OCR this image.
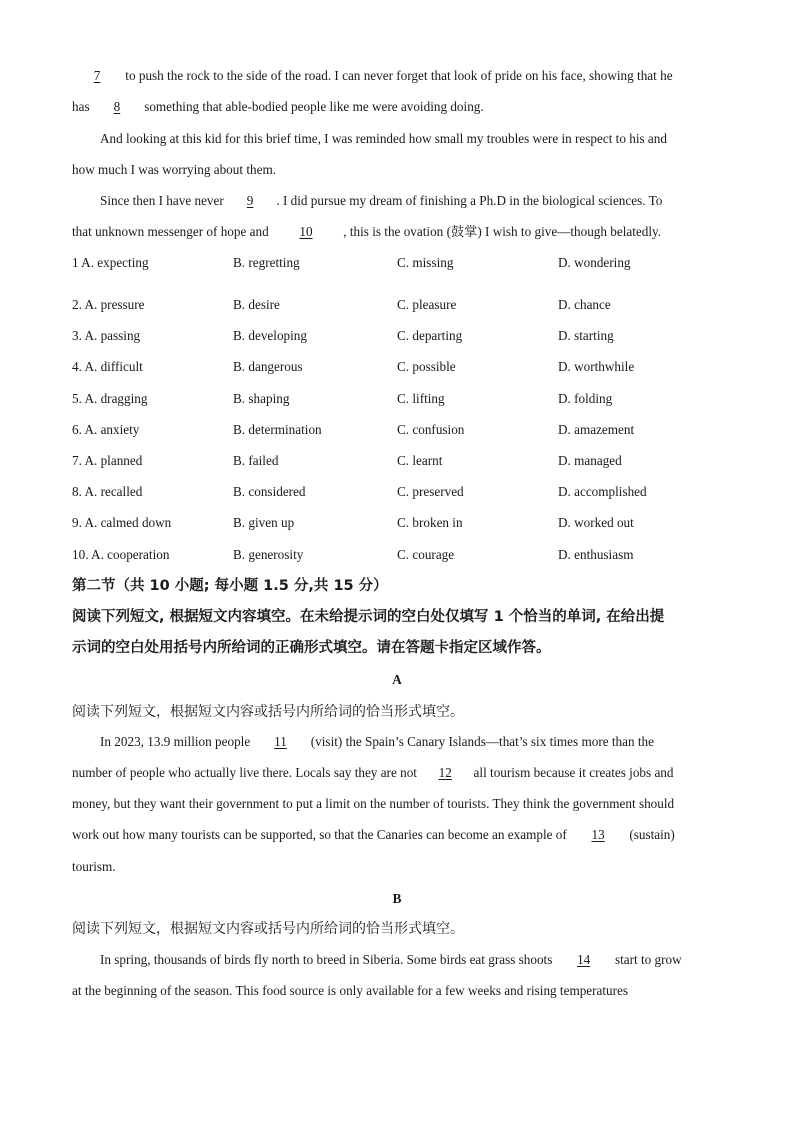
7 to push the rock to the side of the road. I can never forget that look of pride on his face, showing that he
has 8 something that able-bodied people like me were avoiding doing.
And looking at this kid for this brief time, I was reminded how small my troubles were in respect to his and
how much I was worrying about them.
Since then I have never 9 . I did pursue my dream of finishing a Ph.D in the biological sciences. To
that unknown messenger of hope and 10 , this is the ovation (鼓掌) I wish to give—though belatedly.
1 A. expecting	B. regretting	C. missing	D. wondering
2. A. pressure	B. desire	C. pleasure	D. chance
3. A. passing	B. developing	C. departing	D. starting
4. A. difficult	B. dangerous	C. possible	D. worthwhile
5. A. dragging	B. shaping	C. lifting	D. folding
6. A. anxiety	B. determination	C. confusion	D. amazement
7. A. planned	B. failed	C. learnt	D. managed
8. A. recalled	B. considered	C. preserved	D. accomplished
9. A. calmed down	B. given up	C. broken in	D. worked out
10. A. cooperation	B. generosity	C. courage	D. enthusiasm
第二节（共 10 小题; 每小题 1.5 分,共 15 分）
阅读下列短文, 根据短文内容填空。在未给提示词的空白处仅填写 1 个恰当的单词, 在给出提
示词的空白处用括号内所给词的正确形式填空。请在答题卡指定区域作答。
A
阅读下列短文，根据短文内容或括号内所给词的恰当形式填空。
In 2023, 13.9 million people 11 (visit) the Spain’s Canary Islands—that’s six times more than the
number of people who actually live there. Locals say they are not 12 all tourism because it creates jobs and
money, but they want their government to put a limit on the number of tourists. They think the government should
work out how many tourists can be supported, so that the Canaries can become an example of 13 (sustain)
tourism.
B
阅读下列短文，根据短文内容或括号内所给词的恰当形式填空。
In spring, thousands of birds fly north to breed in Siberia. Some birds eat grass shoots 14 start to grow
at the beginning of the season. This food source is only available for a few weeks and rising temperatures
